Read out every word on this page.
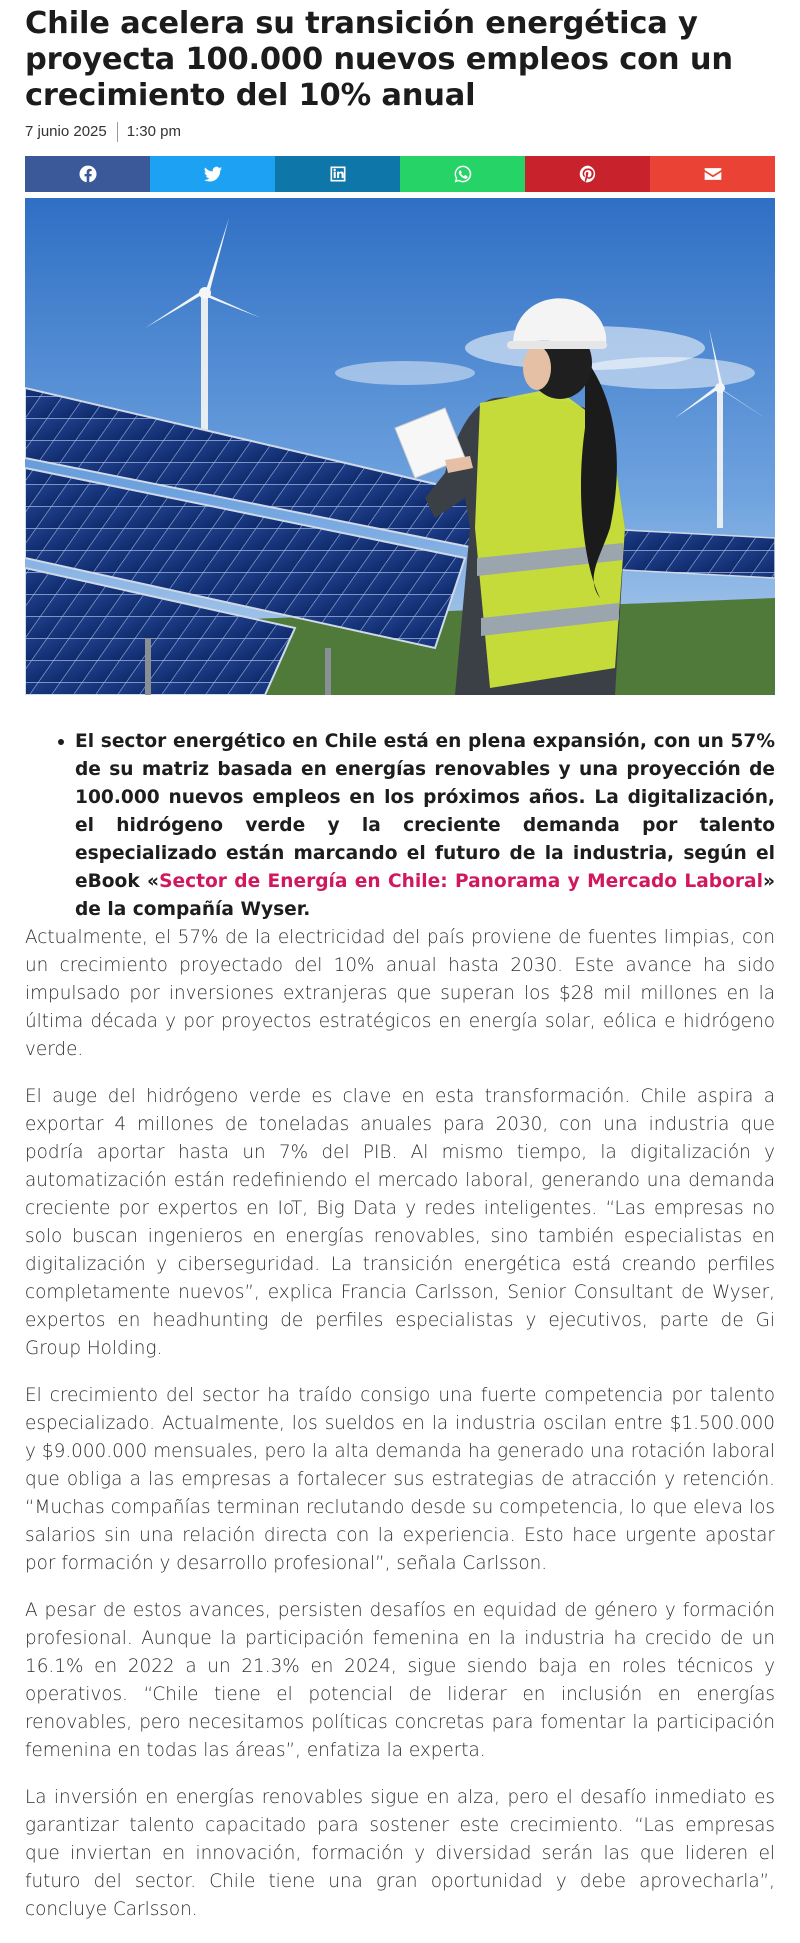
Chile acelera su transición energética y proyecta 100.000 nuevos empleos con un crecimiento del 10% anual
7 junio 2025 1:30 pm
El sector energético en Chile está en plena expansión, con un 57% de su matriz basada en energías renovables y una proyección de 100.000 nuevos empleos en los próximos años. La digitalización, el hidrógeno verde y la creciente demanda por talento especializado están marcando el futuro de la industria, según el eBook «Sector de Energía en Chile: Panorama y Mercado Laboral» de la compañía Wyser.

Actualmente, el 57% de la electricidad del país proviene de fuentes limpias, con un crecimiento proyectado del 10% anual hasta 2030. Este avance ha sido impulsado por inversiones extranjeras que superan los $28 mil millones en la última década y por proyectos estratégicos en energía solar, eólica e hidrógeno verde.

El auge del hidrógeno verde es clave en esta transformación. Chile aspira a exportar 4 millones de toneladas anuales para 2030, con una industria que podría aportar hasta un 7% del PIB. Al mismo tiempo, la digitalización y automatización están redefiniendo el mercado laboral, generando una demanda creciente por expertos en IoT, Big Data y redes inteligentes. “Las empresas no solo buscan ingenieros en energías renovables, sino también especialistas en digitalización y ciberseguridad. La transición energética está creando perfiles completamente nuevos”, explica Francia Carlsson, Senior Consultant de Wyser, expertos en headhunting de perfiles especialistas y ejecutivos, parte de Gi Group Holding.

El crecimiento del sector ha traído consigo una fuerte competencia por talento especializado. Actualmente, los sueldos en la industria oscilan entre $1.500.000 y $9.000.000 mensuales, pero la alta demanda ha generado una rotación laboral que obliga a las empresas a fortalecer sus estrategias de atracción y retención. “Muchas compañías terminan reclutando desde su competencia, lo que eleva los salarios sin una relación directa con la experiencia. Esto hace urgente apostar por formación y desarrollo profesional”, señala Carlsson.

A pesar de estos avances, persisten desafíos en equidad de género y formación profesional. Aunque la participación femenina en la industria ha crecido de un 16.1% en 2022 a un 21.3% en 2024, sigue siendo baja en roles técnicos y operativos. “Chile tiene el potencial de liderar en inclusión en energías renovables, pero necesitamos políticas concretas para fomentar la participación femenina en todas las áreas”, enfatiza la experta.

La inversión en energías renovables sigue en alza, pero el desafío inmediato es garantizar talento capacitado para sostener este crecimiento. “Las empresas que inviertan en innovación, formación y diversidad serán las que lideren el futuro del sector. Chile tiene una gran oportunidad y debe aprovecharla”, concluye Carlsson.
